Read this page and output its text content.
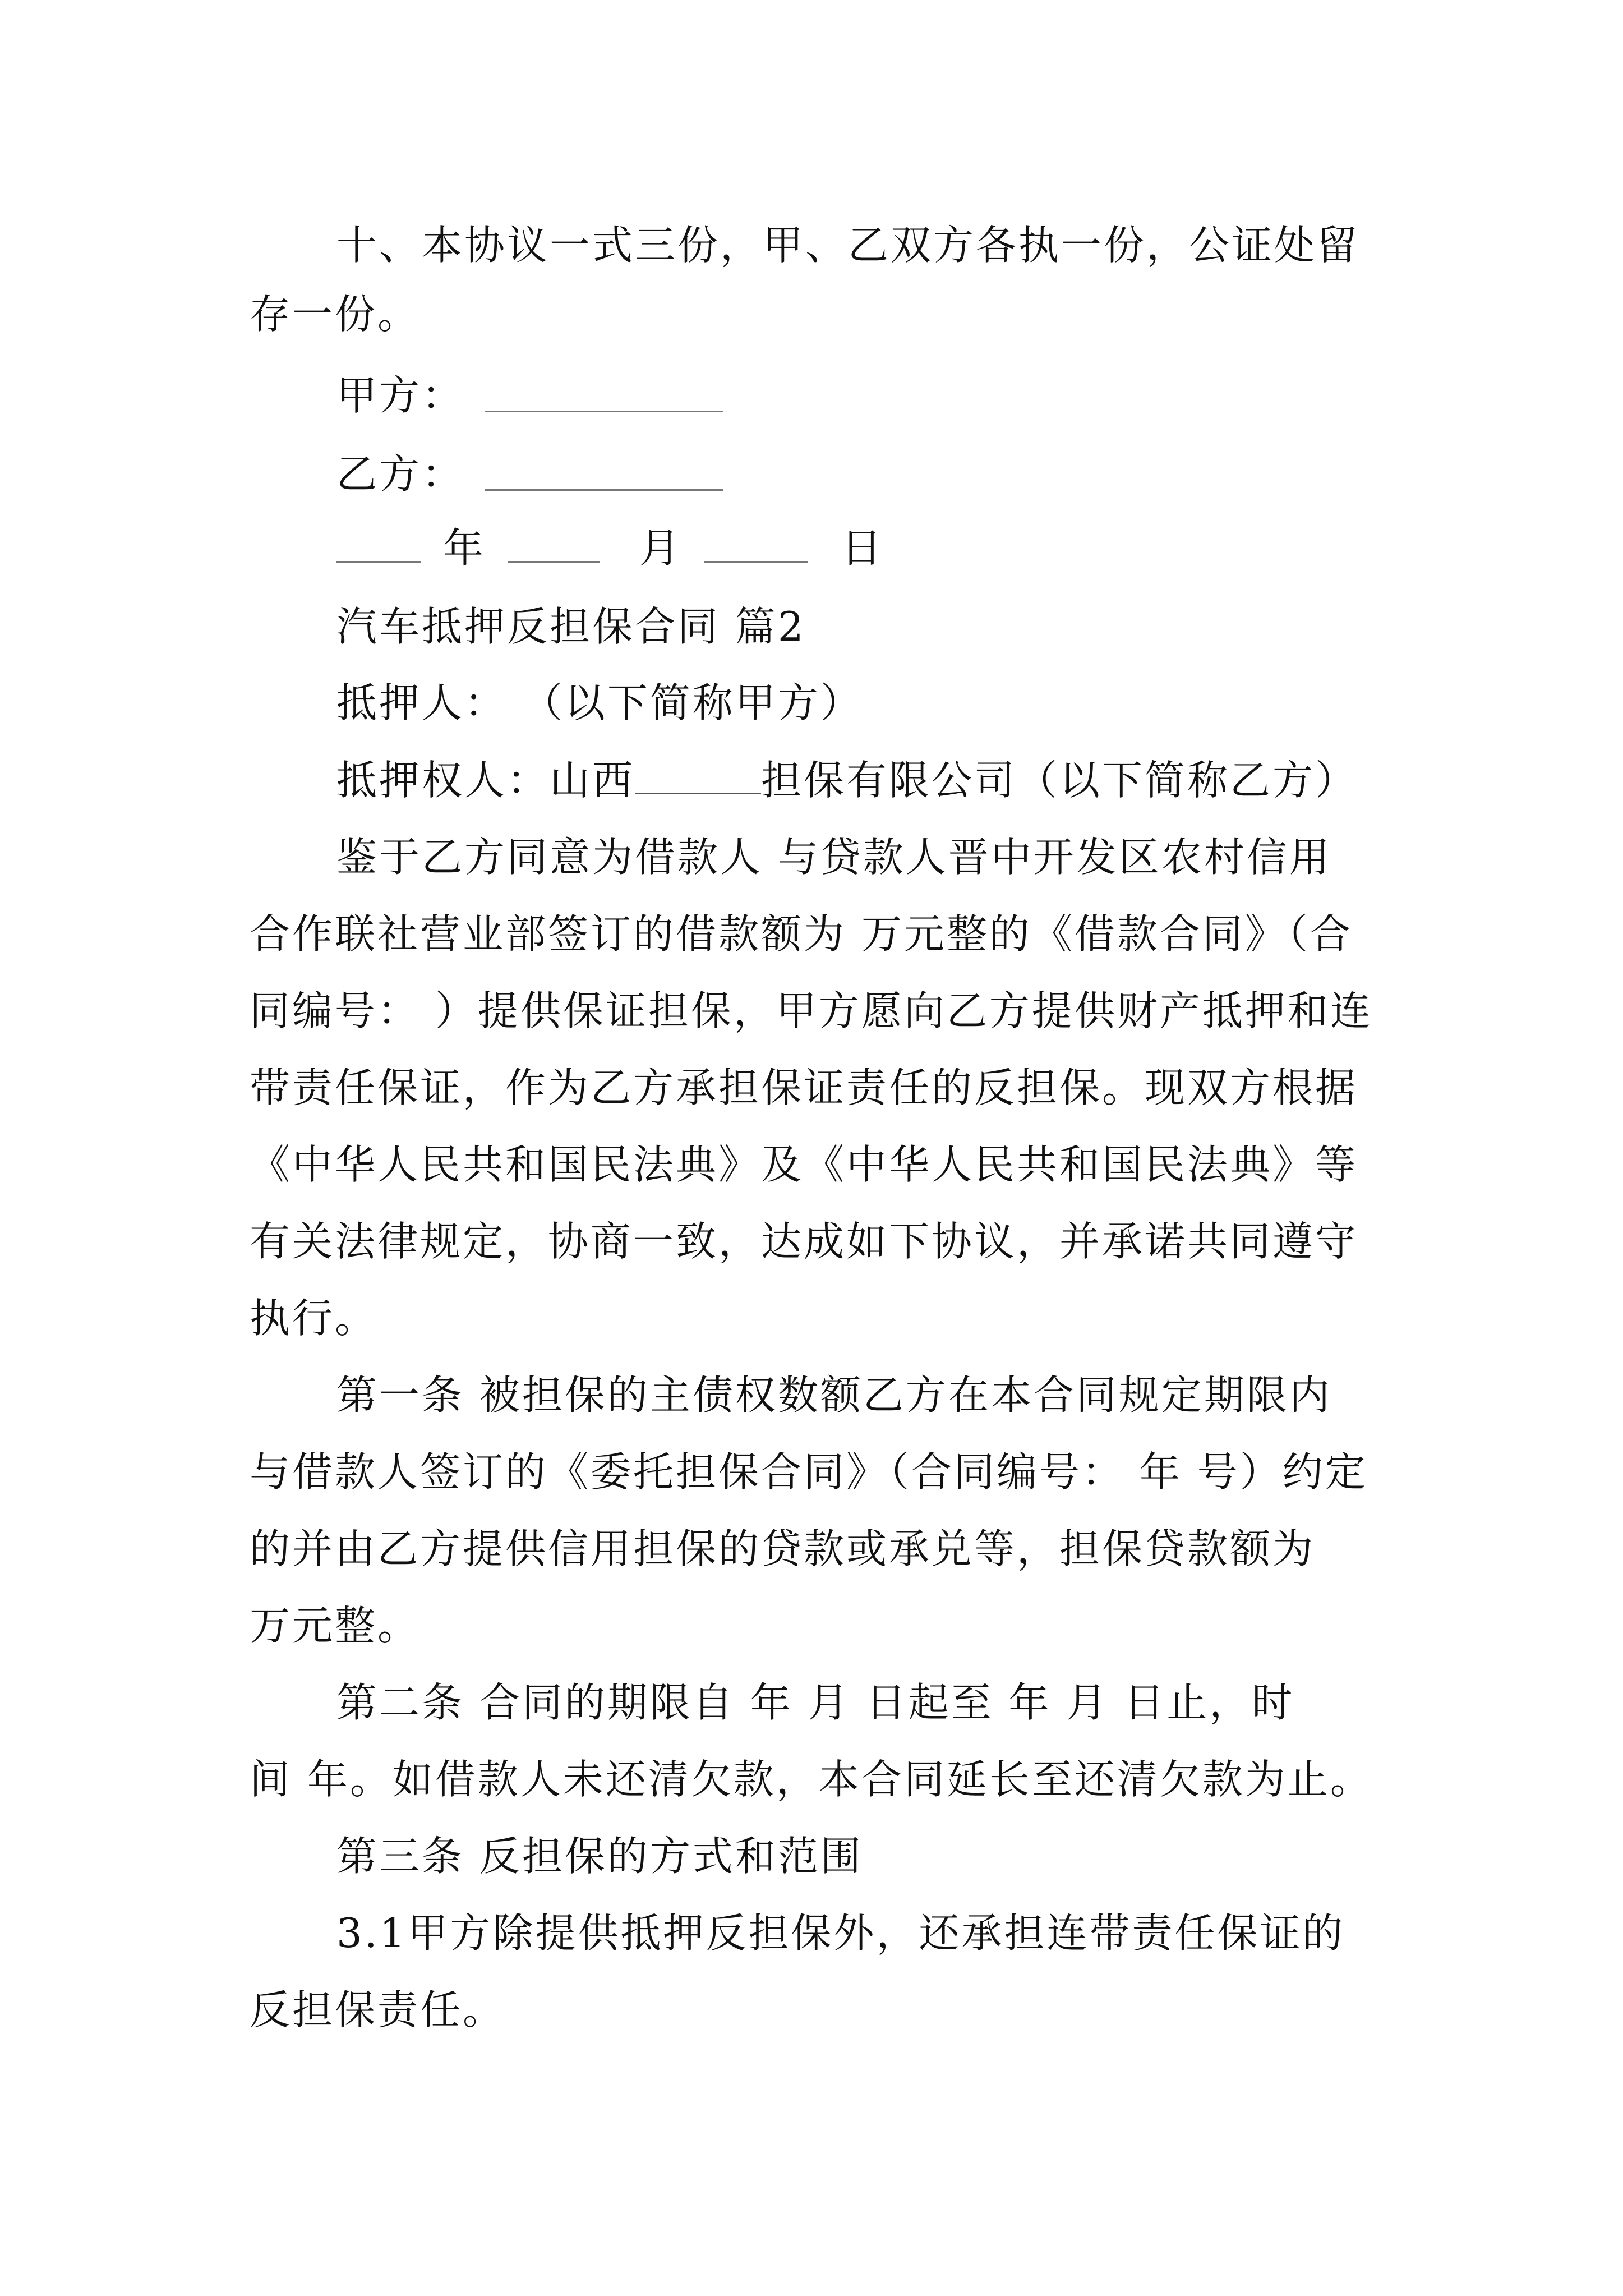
十、本协议一式三份，甲、乙双方各执一份，公证处留
存一份。
甲方：
乙方：
年	月	日
汽车抵押反担保合同 篇2
抵押人： （以下简称甲方）
抵押权人：山西	担保有限公司（以下简称乙方）
鉴于乙方同意为借款人 与贷款人晋中开发区农村信用
合作联社营业部签订的借款额为 万元整的《借款合同》（合
同编号： ）提供保证担保，甲方愿向乙方提供财产抵押和连
带责任保证，作为乙方承担保证责任的反担保。现双方根据
《中华人民共和国民法典》及《中华人民共和国民法典》等
有关法律规定，协商一致，达成如下协议，并承诺共同遵守
执行。
第一条 被担保的主债权数额乙方在本合同规定期限内
与借款人签订的《委托担保合同》（合同编号： 年 号）约定
的并由乙方提供信用担保的贷款或承兑等，担保贷款额为
万元整。
第二条 合同的期限自 年 月 日起至 年 月 日止，时
间 年。如借款人未还清欠款，本合同延长至还清欠款为止。
第三条 反担保的方式和范围
3.1甲方除提供抵押反担保外，还承担连带责任保证的
反担保责任。
